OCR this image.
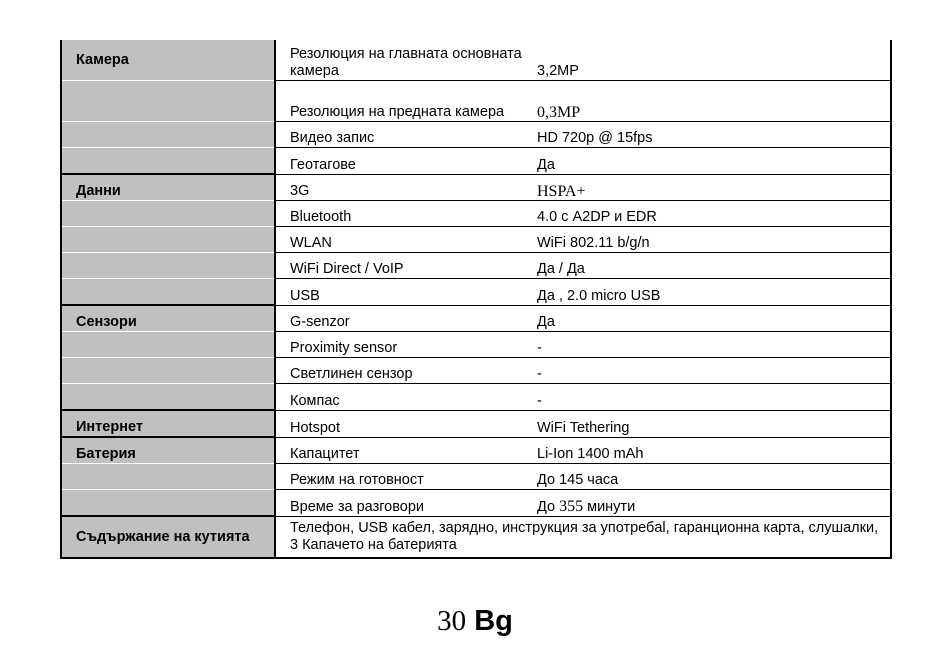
Камера	Резолюция на главната основната камера	3,2MP
	Резолюция на предната камера	0,3MP
	Видео запис	HD 720p @ 15fps
	Геотагове	Да
Данни	3G	HSPA+
	Bluetooth	4.0 с A2DP и EDR
	WLAN	WiFi 802.11 b/g/n
	WiFi Direct / VoIP	Да / Да
	USB	Да , 2.0 micro USB
Сензори	G-senzor	Да
	Proximity sensor	-
	Светлинен сензор	-
	Компас	-
Интернет	Hotspot	WiFi Tethering
Батерия	Капацитет	Li-Ion 1400 mAh
	Режим на готовност	До 145 часа
	Време за разговори	До 355 минути
Съдържание на кутията	Телефон, USB кабел, зарядно, инструкция за употребal, гаранционна карта, слушалки, 3 Капачето на батерията	
30 Bg
